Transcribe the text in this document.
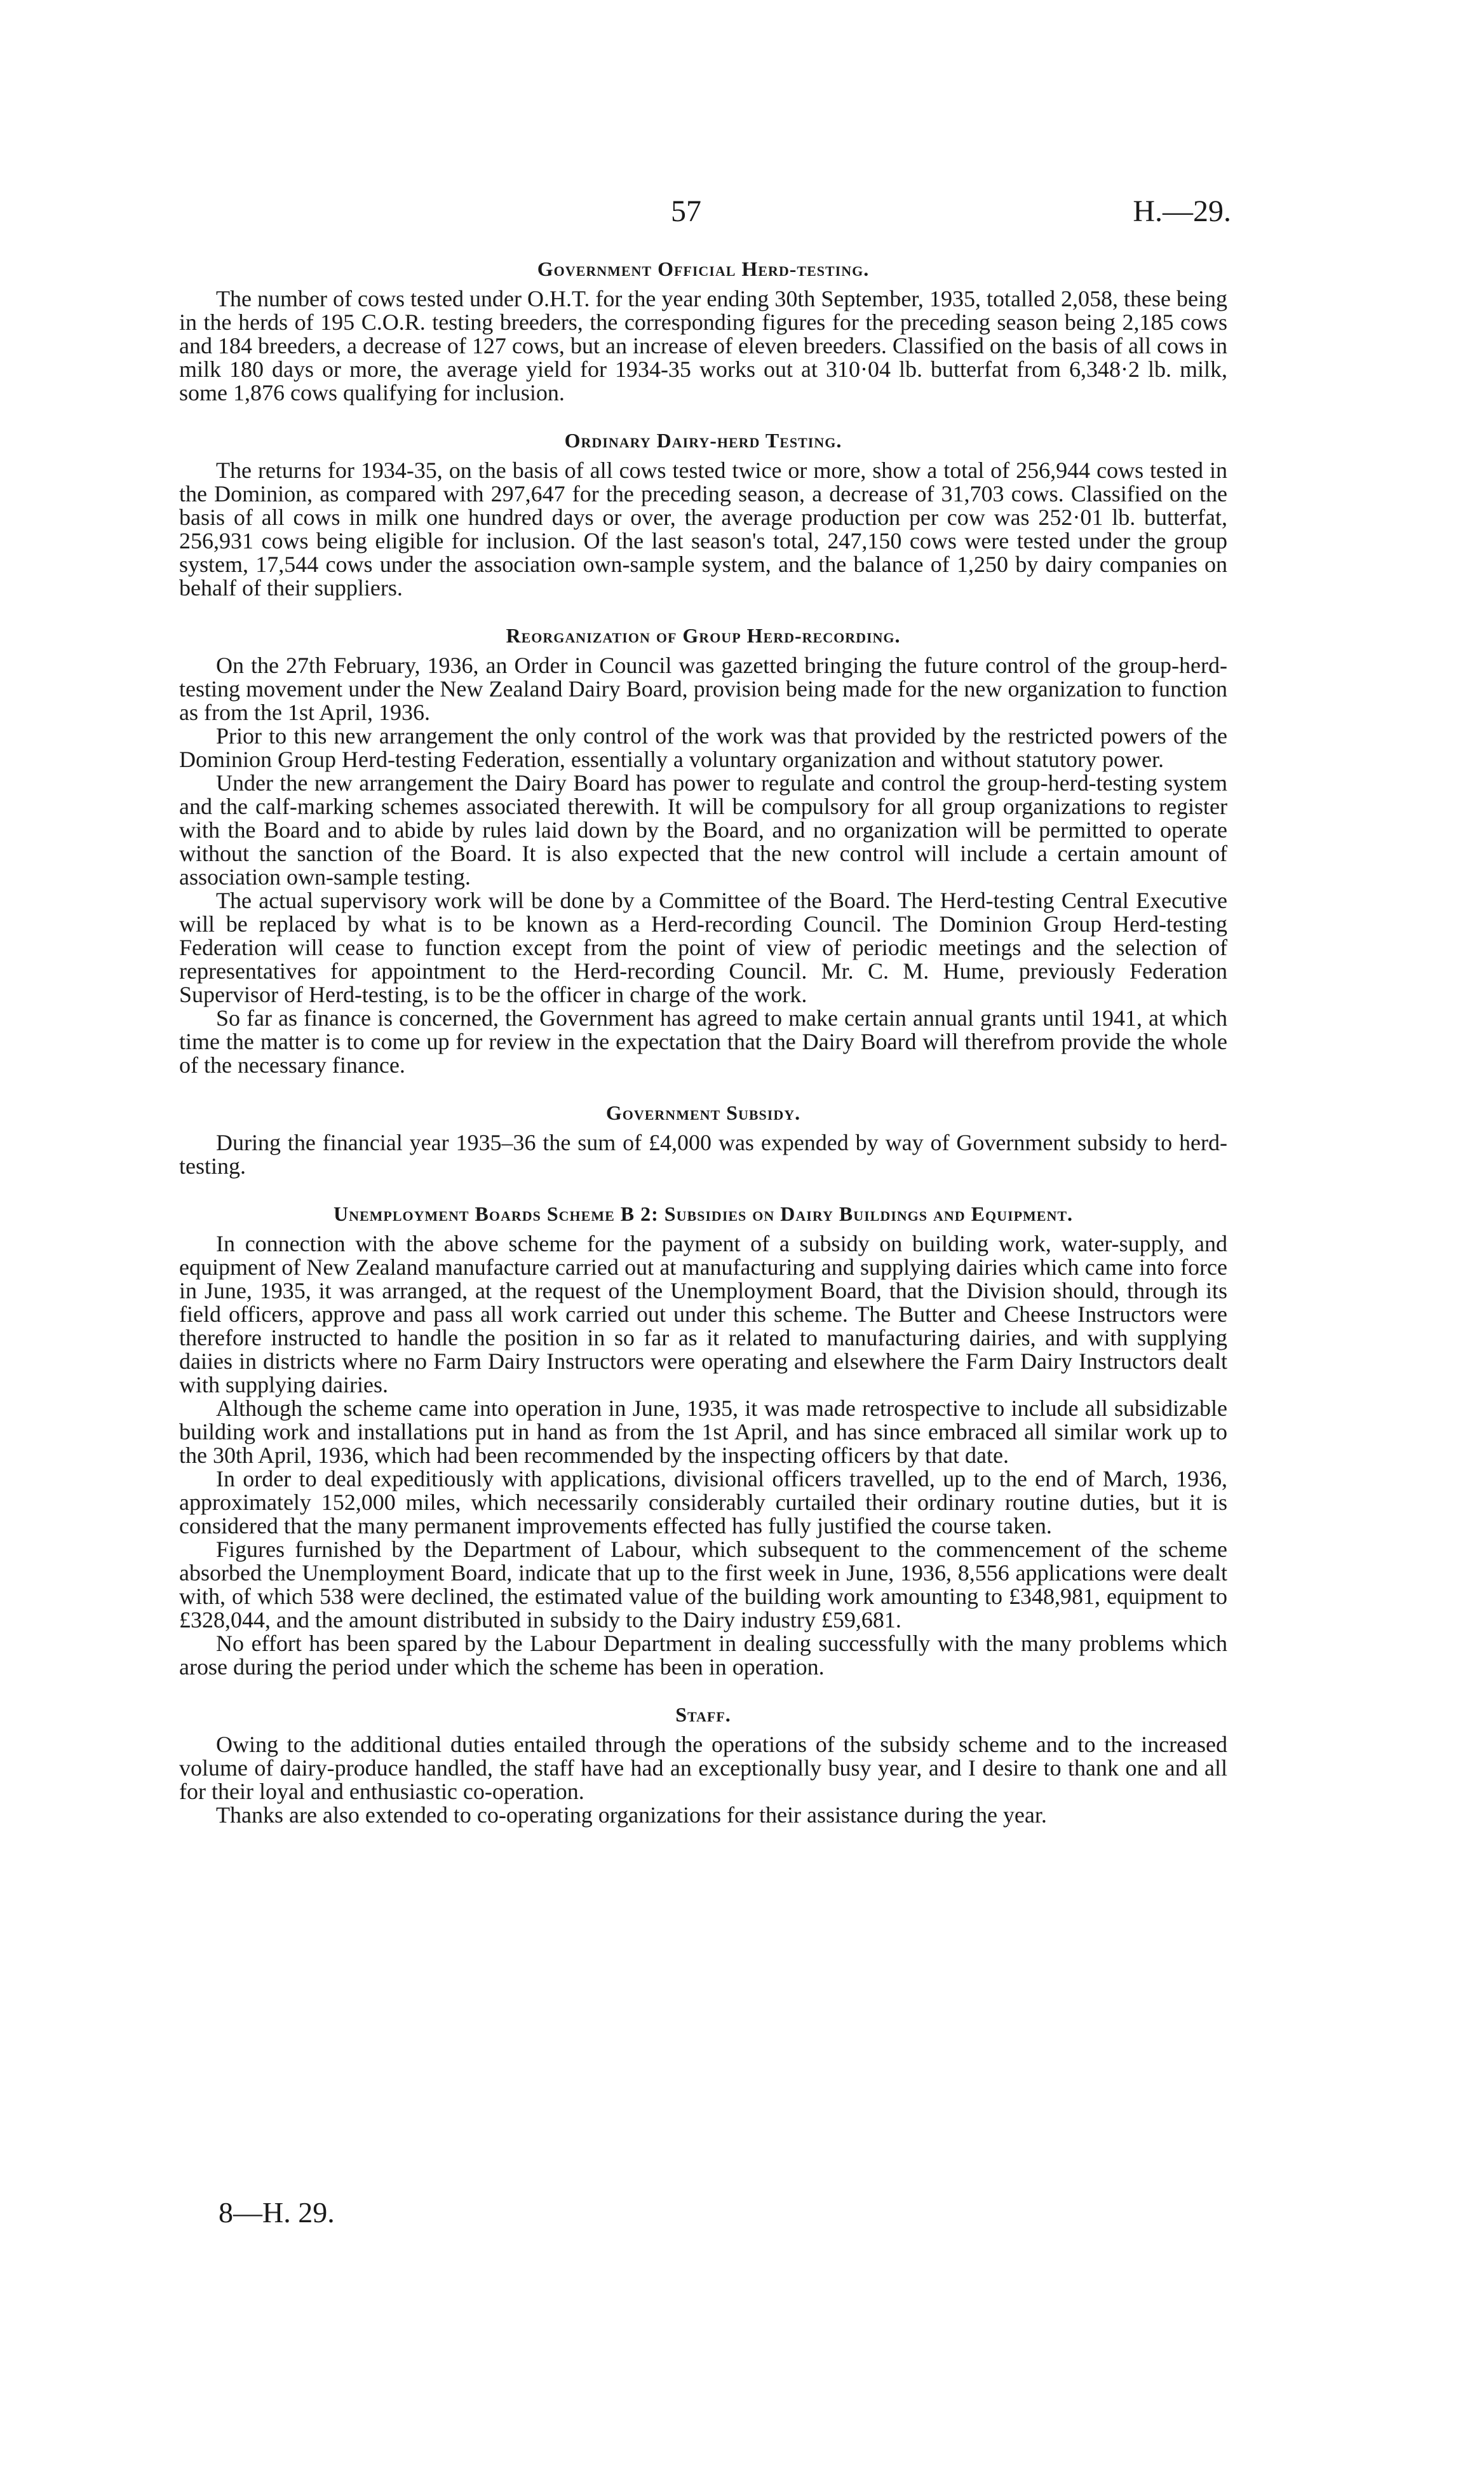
57	H.—29.
Government Official Herd-testing.

The number of cows tested under O.H.T. for the year ending 30th September, 1935, totalled 2,058, these being in the herds of 195 C.O.R. testing breeders, the corresponding figures for the preceding season being 2,185 cows and 184 breeders, a decrease of 127 cows, but an increase of eleven breeders. Classified on the basis of all cows in milk 180 days or more, the average yield for 1934-35 works out at 310·04 lb. butterfat from 6,348·2 lb. milk, some 1,876 cows qualifying for inclusion.

Ordinary Dairy-herd Testing.

The returns for 1934-35, on the basis of all cows tested twice or more, show a total of 256,944 cows tested in the Dominion, as compared with 297,647 for the preceding season, a decrease of 31,703 cows. Classified on the basis of all cows in milk one hundred days or over, the average production per cow was 252·01 lb. butterfat, 256,931 cows being eligible for inclusion. Of the last season's total, 247,150 cows were tested under the group system, 17,544 cows under the association own-sample system, and the balance of 1,250 by dairy companies on behalf of their suppliers.

Reorganization of Group Herd-recording.

On the 27th February, 1936, an Order in Council was gazetted bringing the future control of the group-herd-testing movement under the New Zealand Dairy Board, provision being made for the new organization to function as from the 1st April, 1936.

Prior to this new arrangement the only control of the work was that provided by the restricted powers of the Dominion Group Herd-testing Federation, essentially a voluntary organization and without statutory power.

Under the new arrangement the Dairy Board has power to regulate and control the group-herd-testing system and the calf-marking schemes associated therewith. It will be compulsory for all group organizations to register with the Board and to abide by rules laid down by the Board, and no organization will be permitted to operate without the sanction of the Board. It is also expected that the new control will include a certain amount of association own-sample testing.

The actual supervisory work will be done by a Committee of the Board. The Herd-testing Central Executive will be replaced by what is to be known as a Herd-recording Council. The Dominion Group Herd-testing Federation will cease to function except from the point of view of periodic meetings and the selection of representatives for appointment to the Herd-recording Council. Mr. C. M. Hume, previously Federation Supervisor of Herd-testing, is to be the officer in charge of the work.

So far as finance is concerned, the Government has agreed to make certain annual grants until 1941, at which time the matter is to come up for review in the expectation that the Dairy Board will therefrom provide the whole of the necessary finance.

Government Subsidy.

During the financial year 1935–36 the sum of £4,000 was expended by way of Government subsidy to herd-testing.

Unemployment Boards Scheme B 2: Subsidies on Dairy Buildings and Equipment.

In connection with the above scheme for the payment of a subsidy on building work, water-supply, and equipment of New Zealand manufacture carried out at manufacturing and supplying dairies which came into force in June, 1935, it was arranged, at the request of the Unemployment Board, that the Division should, through its field officers, approve and pass all work carried out under this scheme. The Butter and Cheese Instructors were therefore instructed to handle the position in so far as it related to manufacturing dairies, and with supplying daiies in districts where no Farm Dairy Instructors were operating and elsewhere the Farm Dairy Instructors dealt with supplying dairies.

Although the scheme came into operation in June, 1935, it was made retrospective to include all subsidizable building work and installations put in hand as from the 1st April, and has since embraced all similar work up to the 30th April, 1936, which had been recommended by the inspecting officers by that date.

In order to deal expeditiously with applications, divisional officers travelled, up to the end of March, 1936, approximately 152,000 miles, which necessarily considerably curtailed their ordinary routine duties, but it is considered that the many permanent improvements effected has fully justified the course taken.

Figures furnished by the Department of Labour, which subsequent to the commencement of the scheme absorbed the Unemployment Board, indicate that up to the first week in June, 1936, 8,556 applications were dealt with, of which 538 were declined, the estimated value of the building work amounting to £348,981, equipment to £328,044, and the amount distributed in subsidy to the Dairy industry £59,681.

No effort has been spared by the Labour Department in dealing successfully with the many problems which arose during the period under which the scheme has been in operation.

Staff.

Owing to the additional duties entailed through the operations of the subsidy scheme and to the increased volume of dairy-produce handled, the staff have had an exceptionally busy year, and I desire to thank one and all for their loyal and enthusiastic co-operation.

Thanks are also extended to co-operating organizations for their assistance during the year.

8—H. 29.
